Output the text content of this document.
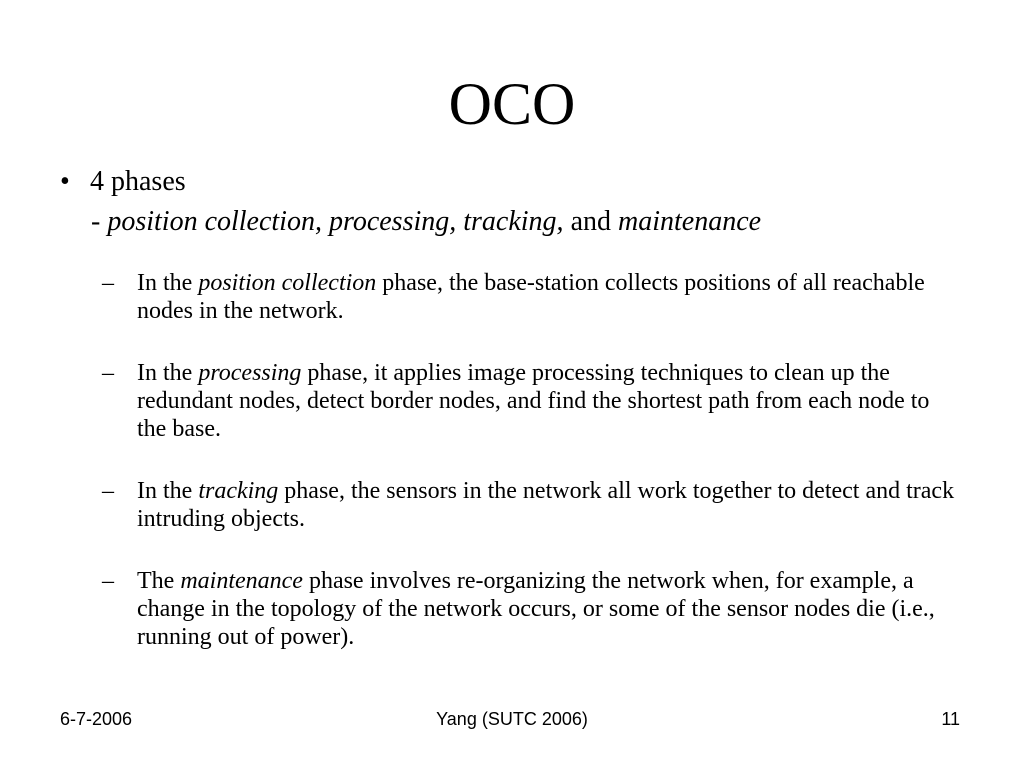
OCO
• 4 phases
- position collection, processing, tracking, and maintenance
– In the position collection phase, the base-station collects positions of all reachable nodes in the network.
– In the processing phase, it applies image processing techniques to clean up the redundant nodes, detect border nodes, and find the shortest path from each node to the base.
– In the tracking phase, the sensors in the network all work together to detect and track intruding objects.
– The maintenance phase involves re-organizing the network when, for example, a change in the topology of the network occurs, or some of the sensor nodes die (i.e., running out of power).
6-7-2006	Yang (SUTC 2006)	11
